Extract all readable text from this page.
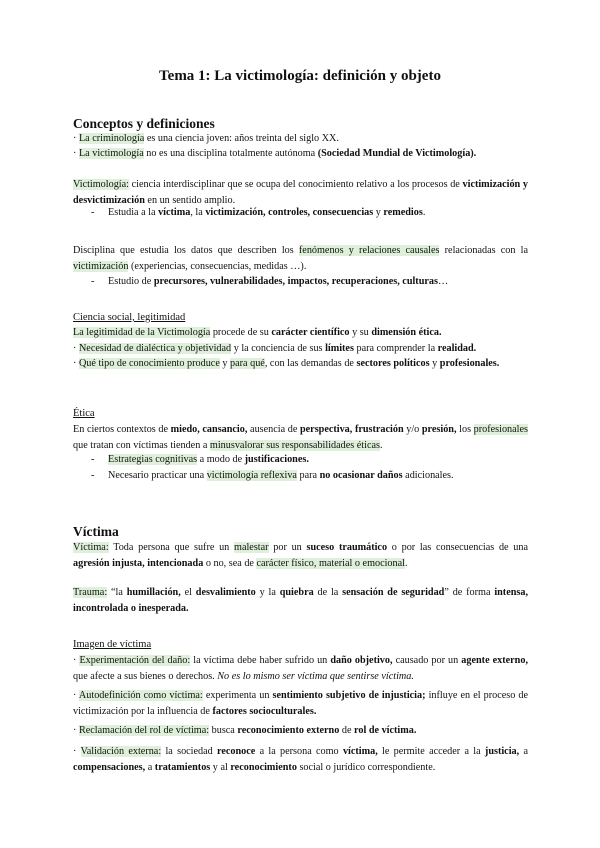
Tema 1: La victimología: definición y objeto
Conceptos y definiciones
· La criminología es una ciencia joven: años treinta del siglo XX.
· La victimología no es una disciplina totalmente autónoma (Sociedad Mundial de Victimología).
Victimología: ciencia interdisciplinar que se ocupa del conocimiento relativo a los procesos de victimización y desvictimización en un sentido amplio.
- Estudia a la víctima, la victimización, controles, consecuencias y remedios.
Disciplina que estudia los datos que describen los fenómenos y relaciones causales relacionadas con la victimización (experiencias, consecuencias, medidas …).
- Estudio de precursores, vulnerabilidades, impactos, recuperaciones, culturas…
Ciencia social, legitimidad
La legitimidad de la Victimología procede de su carácter científico y su dimensión ética.
· Necesidad de dialéctica y objetividad y la conciencia de sus límites para comprender la realidad.
· Qué tipo de conocimiento produce y para qué, con las demandas de sectores políticos y profesionales.
Ética
En ciertos contextos de miedo, cansancio, ausencia de perspectiva, frustración y/o presión, los profesionales que tratan con víctimas tienden a minusvalorar sus responsabilidades éticas.
- Estrategias cognitivas a modo de justificaciones.
- Necesario practicar una victimología reflexiva para no ocasionar daños adicionales.
Víctima
Víctima: Toda persona que sufre un malestar por un suceso traumático o por las consecuencias de una agresión injusta, intencionada o no, sea de carácter físico, material o emocional.
Trauma: “la humillación, el desvalimiento y la quiebra de la sensación de seguridad” de forma intensa, incontrolada o inesperada.
Imagen de víctima
· Experimentación del daño: la víctima debe haber sufrido un daño objetivo, causado por un agente externo, que afecte a sus bienes o derechos. No es lo mismo ser víctima que sentirse víctima.
· Autodefinición como víctima: experimenta un sentimiento subjetivo de injusticia; influye en el proceso de victimización por la influencia de factores socioculturales.
· Reclamación del rol de víctima: busca reconocimiento externo de rol de víctima.
· Validación externa: la sociedad reconoce a la persona como víctima, le permite acceder a la justicia, a compensaciones, a tratamientos y al reconocimiento social o jurídico correspondiente.
